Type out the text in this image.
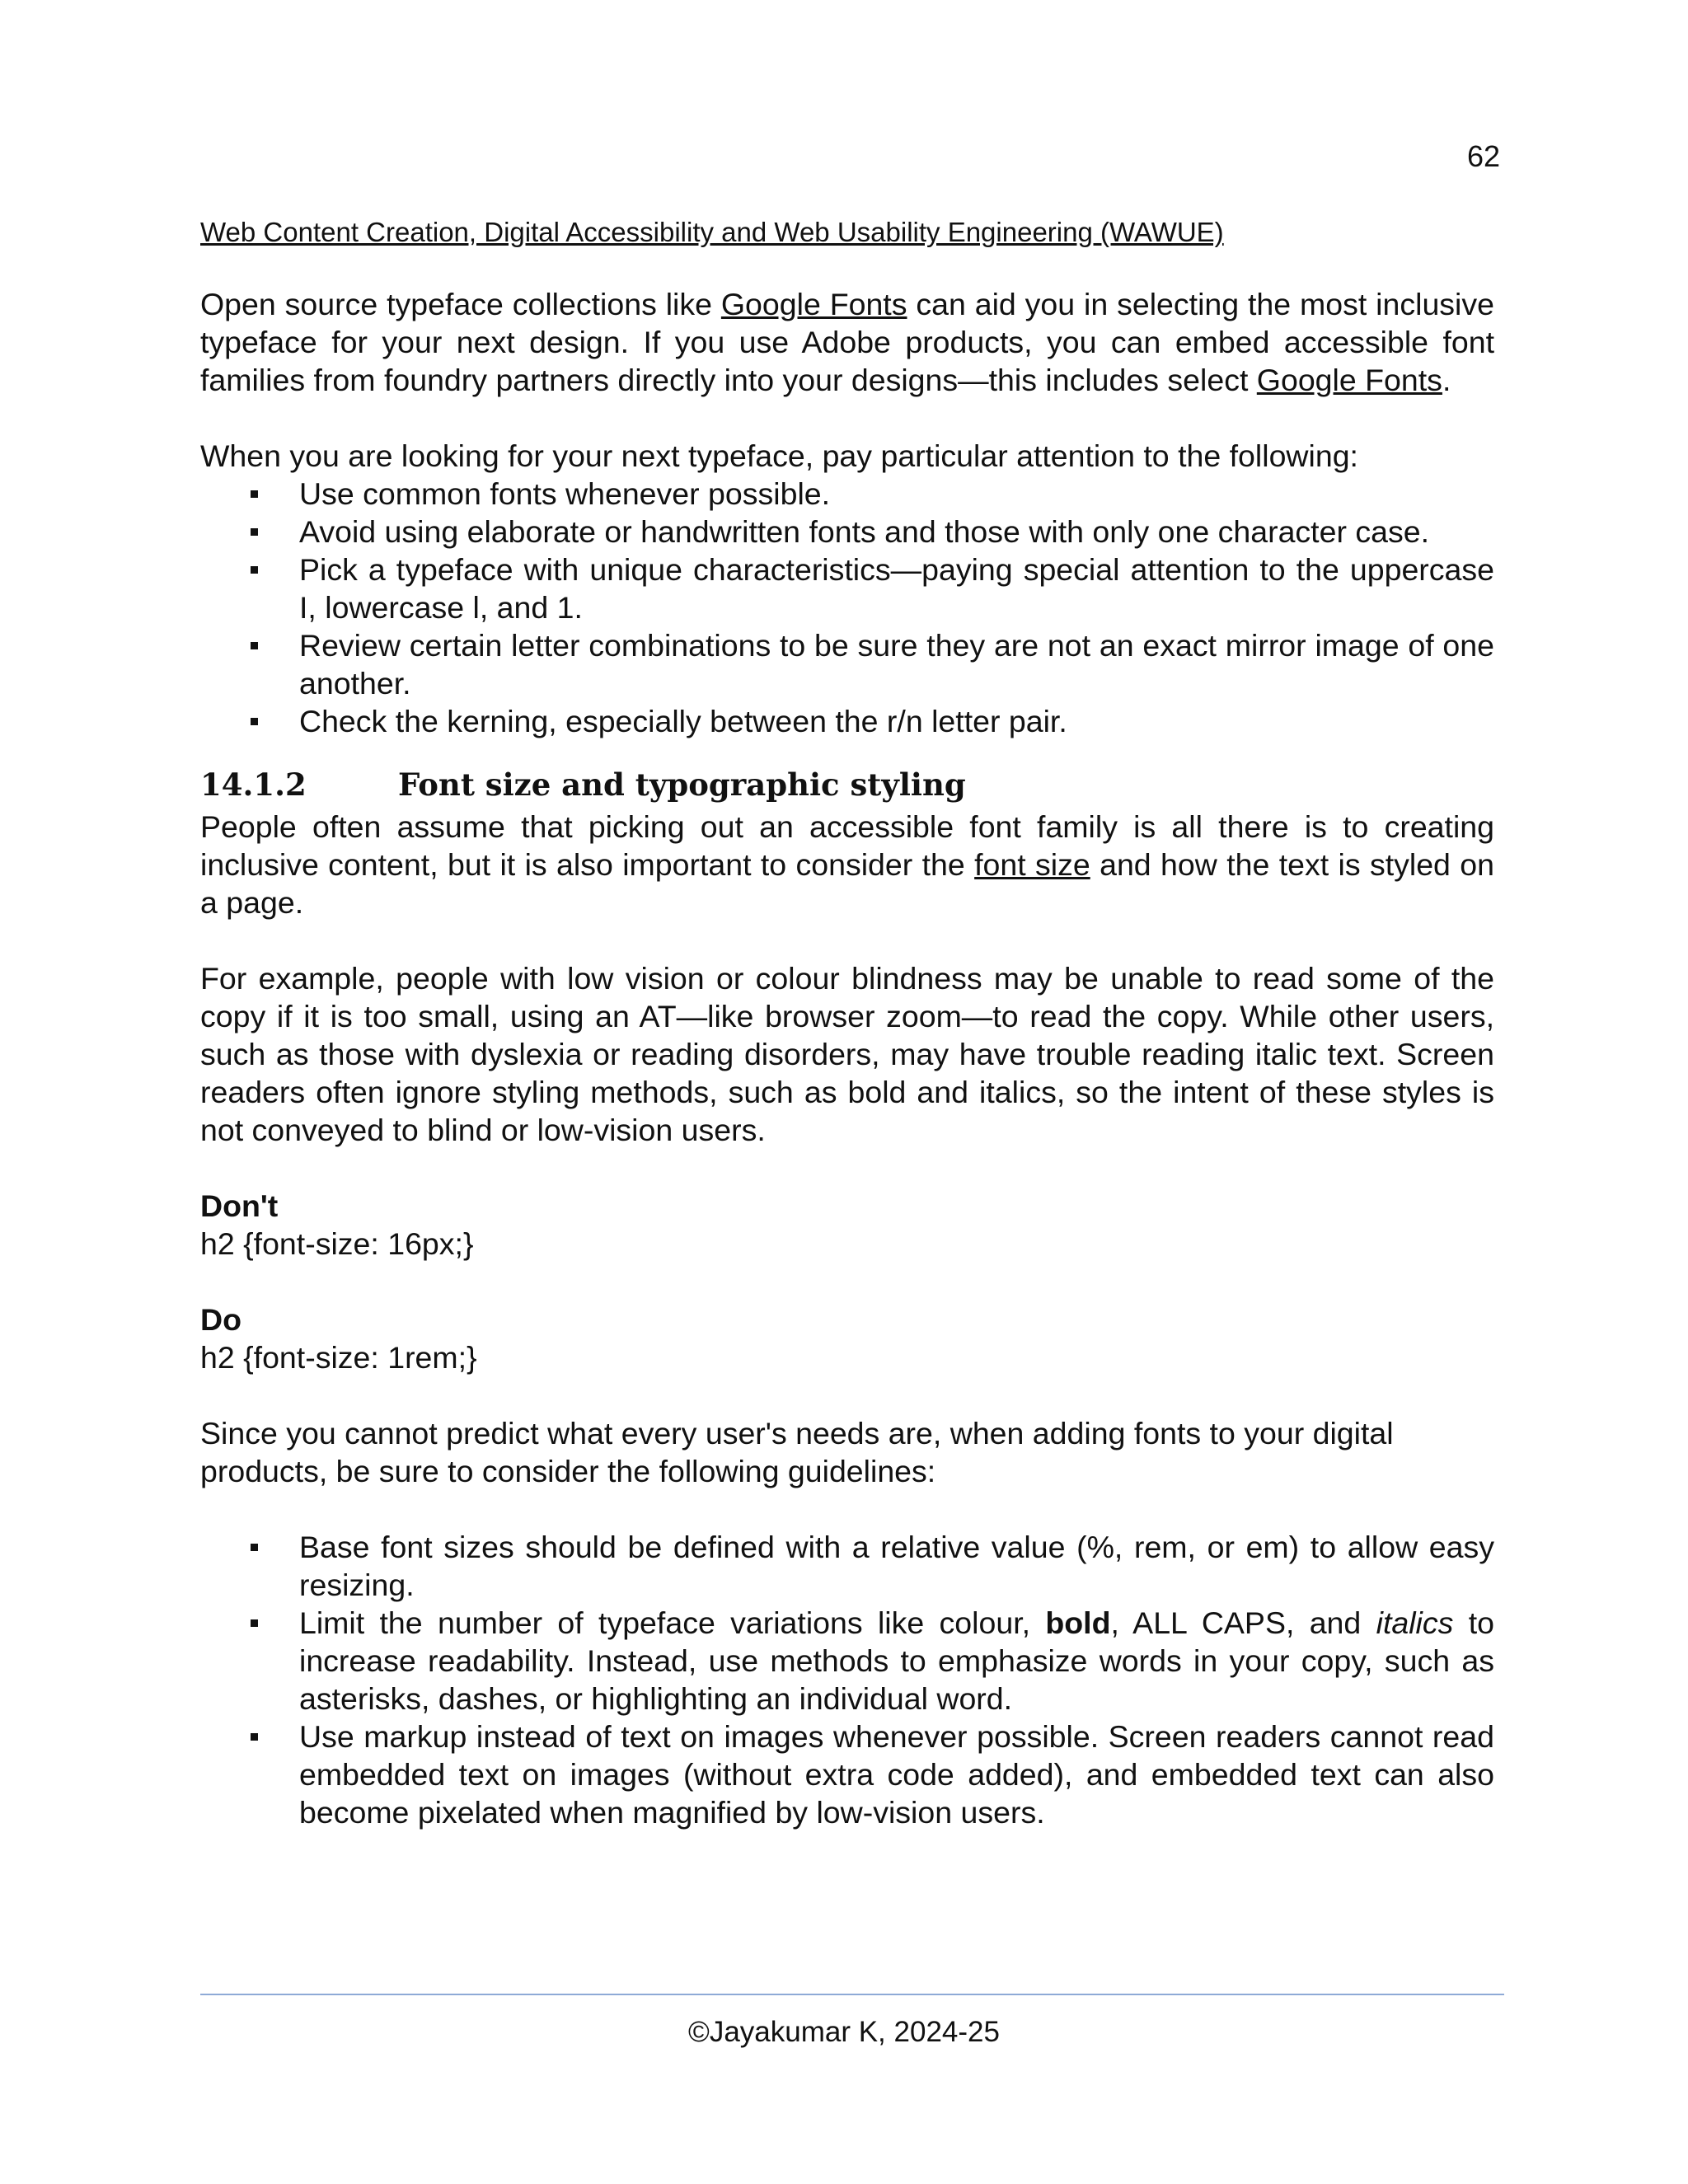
62
Web Content Creation, Digital Accessibility and Web Usability Engineering (WAWUE)

Open source typeface collections like Google Fonts can aid you in selecting the most inclusive typeface for your next design. If you use Adobe products, you can embed accessible font families from foundry partners directly into your designs—this includes select Google Fonts.

When you are looking for your next typeface, pay particular attention to the following:

Use common fonts whenever possible.
Avoid using elaborate or handwritten fonts and those with only one character case.
Pick a typeface with unique characteristics—paying special attention to the uppercase I, lowercase l, and 1.
Review certain letter combinations to be sure they are not an exact mirror image of one another.
Check the kerning, especially between the r/n letter pair.
14.1.2	Font size and typographic styling

People often assume that picking out an accessible font family is all there is to creating inclusive content, but it is also important to consider the font size and how the text is styled on a page.

For example, people with low vision or colour blindness may be unable to read some of the copy if it is too small, using an AT—like browser zoom—to read the copy. While other users, such as those with dyslexia or reading disorders, may have trouble reading italic text. Screen readers often ignore styling methods, such as bold and italics, so the intent of these styles is not conveyed to blind or low-vision users.

Don't

h2 {font-size: 16px;}

Do

h2 {font-size: 1rem;}

Since you cannot predict what every user's needs are, when adding fonts to your digital products, be sure to consider the following guidelines:

Base font sizes should be defined with a relative value (%, rem, or em) to allow easy resizing.
Limit the number of typeface variations like colour, bold, ALL CAPS, and italics to increase readability. Instead, use methods to emphasize words in your copy, such as asterisks, dashes, or highlighting an individual word.
Use markup instead of text on images whenever possible. Screen readers cannot read embedded text on images (without extra code added), and embedded text can also become pixelated when magnified by low-vision users.
©Jayakumar K, 2024-25
